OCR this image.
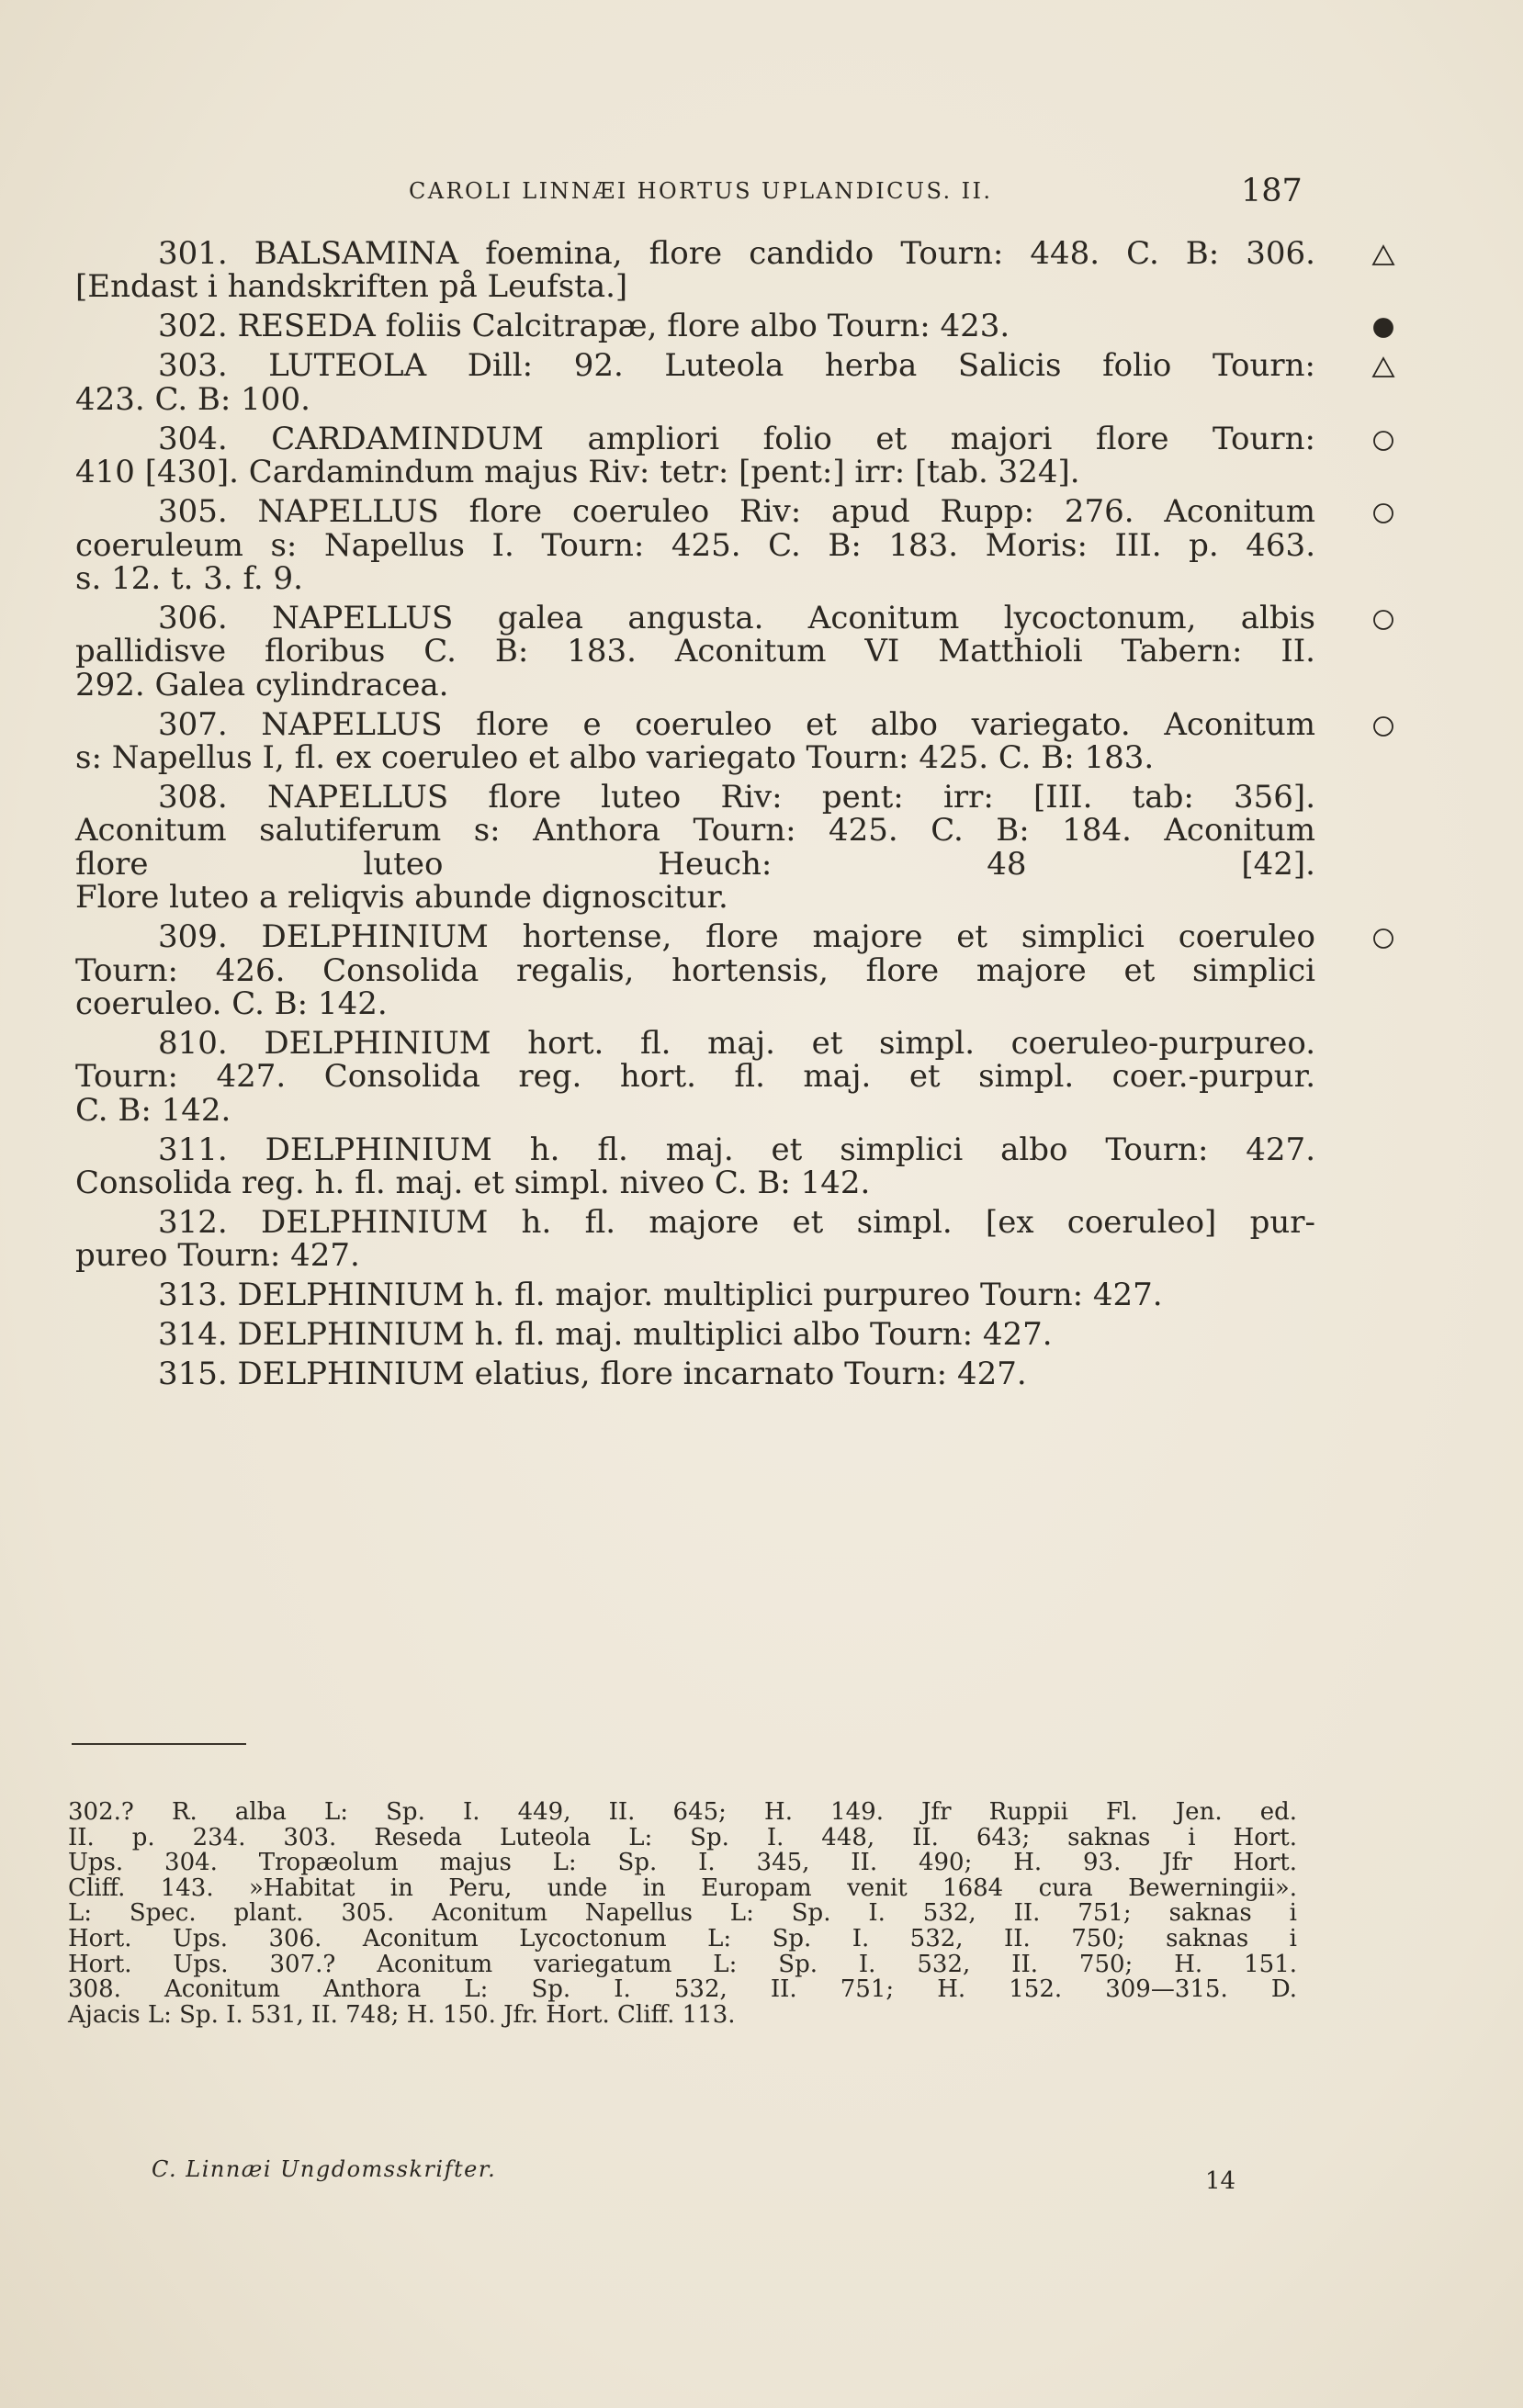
CAROLI LINNÆI HORTUS UPLANDICUS. II.	187
301. BALSAMINA foemina, flore candido Tourn: 448. C. B: 306.
[Endast i handskriften på Leufsta.]
302. RESEDA foliis Calcitrapæ, flore albo Tourn: 423.
303. LUTEOLA Dill: 92. Luteola herba Salicis folio Tourn:
423. C. B: 100.
304. CARDAMINDUM ampliori folio et majori flore Tourn:
410 [430]. Cardamindum majus Riv: tetr: [pent:] irr: [tab. 324].
305. NAPELLUS flore coeruleo Riv: apud Rupp: 276. Aconitum
coeruleum s: Napellus I. Tourn: 425. C. B: 183. Moris: III. p. 463.
s. 12. t. 3. f. 9.
306. NAPELLUS galea angusta. Aconitum lycoctonum, albis
pallidisve floribus C. B: 183. Aconitum VI Matthioli Tabern: II.
292. Galea cylindracea.
307. NAPELLUS flore e coeruleo et albo variegato. Aconitum
s: Napellus I, fl. ex coeruleo et albo variegato Tourn: 425. C. B: 183.
308. NAPELLUS flore luteo Riv: pent: irr: [III. tab: 356].
Aconitum salutiferum s: Anthora Tourn: 425. C. B: 184. Aconitum
flore luteo Heuch: 48 [42].
Flore luteo a reliqvis abunde dignoscitur.
309. DELPHINIUM hortense, flore majore et simplici coeruleo
Tourn: 426. Consolida regalis, hortensis, flore majore et simplici
coeruleo. C. B: 142.
810. DELPHINIUM hort. fl. maj. et simpl. coeruleo-purpureo.
Tourn: 427. Consolida reg. hort. fl. maj. et simpl. coer.-purpur.
C. B: 142.
311. DELPHINIUM h. fl. maj. et simplici albo Tourn: 427.
Consolida reg. h. fl. maj. et simpl. niveo C. B: 142.
312. DELPHINIUM h. fl. majore et simpl. [ex coeruleo] pur-
pureo Tourn: 427.
313. DELPHINIUM h. fl. major. multiplici purpureo Tourn: 427.
314. DELPHINIUM h. fl. maj. multiplici albo Tourn: 427.
315. DELPHINIUM elatius, flore incarnato Tourn: 427.
302.? R. alba L: Sp. I. 449, II. 645; H. 149. Jfr Ruppii Fl. Jen. ed.
II. p. 234. 303. Reseda Luteola L: Sp. I. 448, II. 643; saknas i Hort.
Ups. 304. Tropæolum majus L: Sp. I. 345, II. 490; H. 93. Jfr Hort.
Cliff. 143. »Habitat in Peru, unde in Europam venit 1684 cura Bewerningii».
L: Spec. plant. 305. Aconitum Napellus L: Sp. I. 532, II. 751; saknas i
Hort. Ups. 306. Aconitum Lycoctonum L: Sp. I. 532, II. 750; saknas i
Hort. Ups. 307.? Aconitum variegatum L: Sp. I. 532, II. 750; H. 151.
308. Aconitum Anthora L: Sp. I. 532, II. 751; H. 152. 309—315. D.
Ajacis L: Sp. I. 531, II. 748; H. 150. Jfr. Hort. Cliff. 113.
C. Linnæi Ungdomsskrifter.	14
